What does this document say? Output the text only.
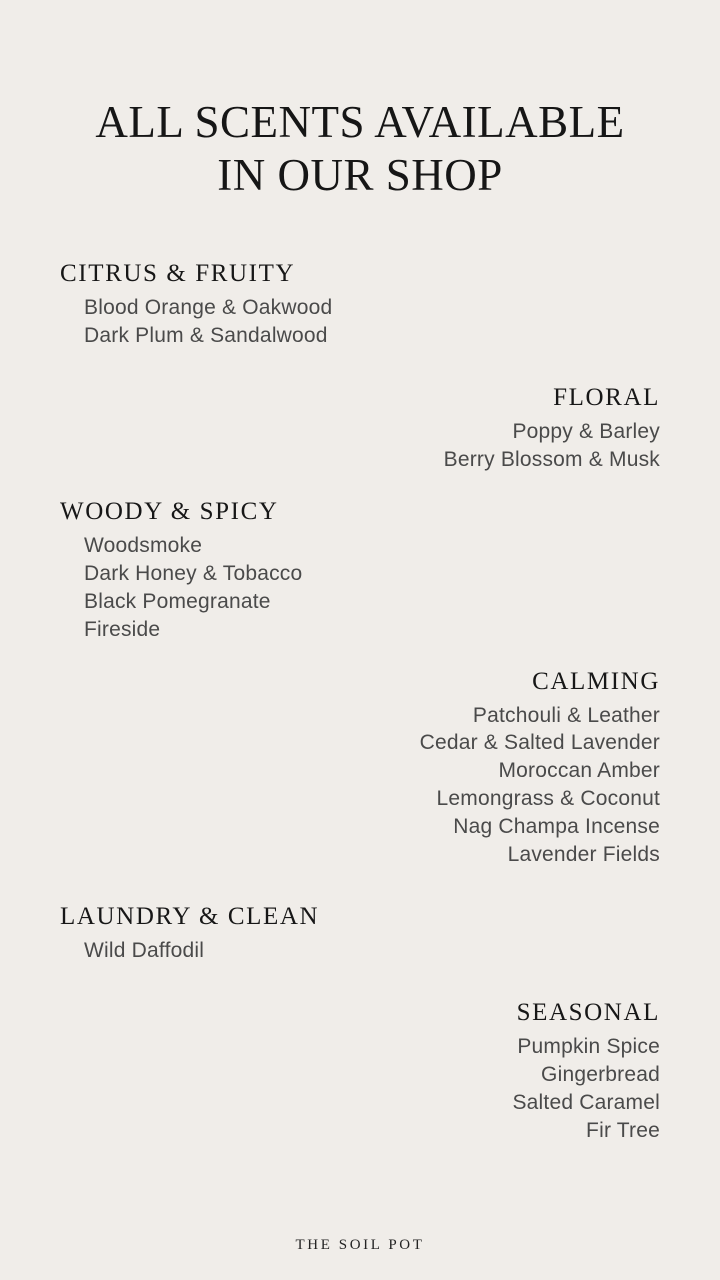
ALL SCENTS AVAILABLE
IN OUR SHOP
CITRUS & FRUITY
Blood Orange & Oakwood
Dark Plum & Sandalwood
FLORAL
Poppy & Barley
Berry Blossom & Musk
WOODY & SPICY
Woodsmoke
Dark Honey & Tobacco
Black Pomegranate
Fireside
CALMING
Patchouli & Leather
Cedar & Salted Lavender
Moroccan Amber
Lemongrass & Coconut
Nag Champa Incense
Lavender Fields
LAUNDRY & CLEAN
Wild Daffodil
SEASONAL
Pumpkin Spice
Gingerbread
Salted Caramel
Fir Tree
THE SOIL POT
